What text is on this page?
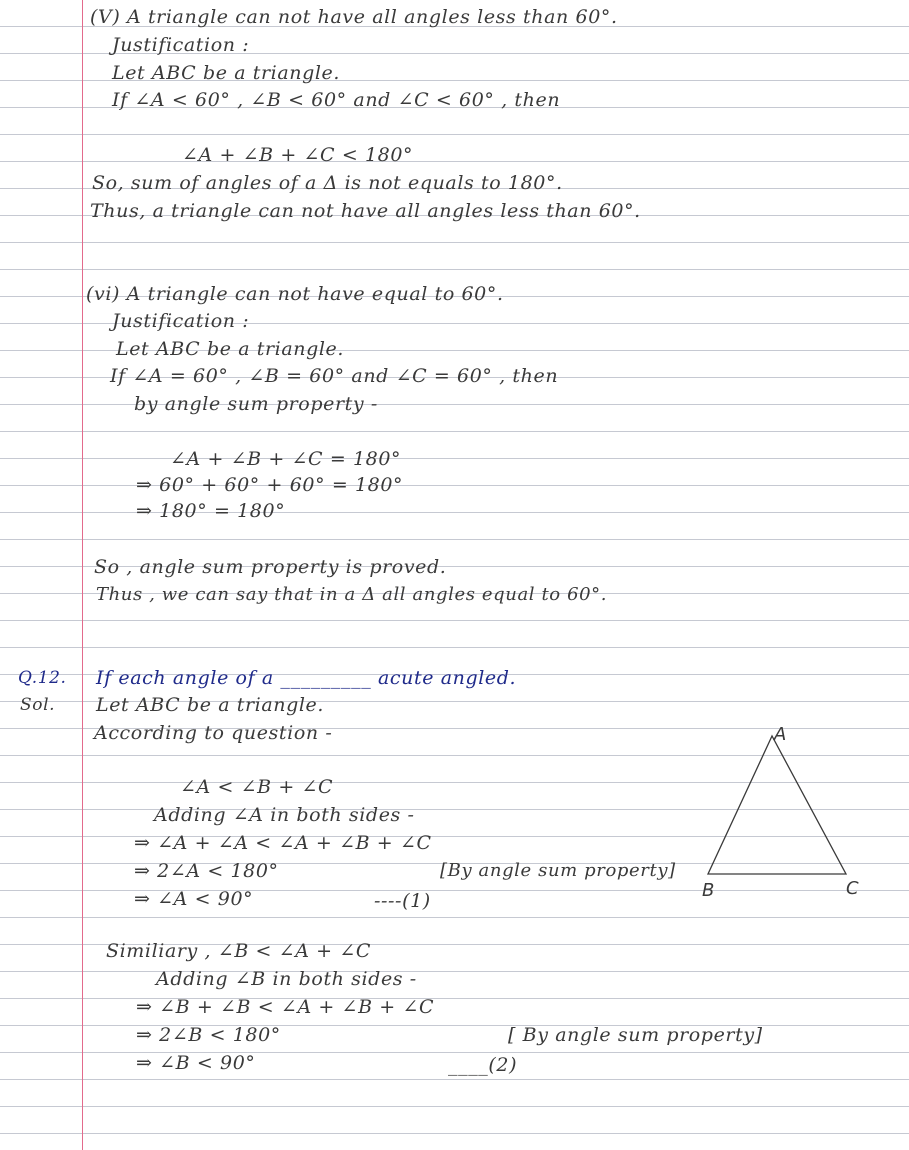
(V) A triangle can not have all angles less than 60°.
Justification :
Let ABC be a triangle.
If ∠A < 60° , ∠B < 60° and ∠C < 60° , then
∠A + ∠B + ∠C < 180°
So, sum of angles of a Δ is not equals to 180°.
Thus, a triangle can not have all angles less than 60°.
(vi) A triangle can not have equal to 60°.
Justification :
Let ABC be a triangle.
If ∠A = 60° , ∠B = 60° and ∠C = 60° , then
by angle sum property -
∠A + ∠B + ∠C = 180°
⇒ 60° + 60° + 60° = 180°
⇒ 180° = 180°
So , angle sum property is proved.
Thus , we can say that in a Δ all angles equal to 60°.
Q.12. If each angle of a _________ acute angled.
Sol. Let ABC be a triangle.
According to question -
∠A < ∠B + ∠C
Adding ∠A in both sides -
⇒ ∠A + ∠A < ∠A + ∠B + ∠C
⇒ 2∠A < 180°	[By angle sum property]
⇒ ∠A < 90°	----(1)
Similiary , ∠B < ∠A + ∠C
Adding ∠B in both sides -
⇒ ∠B + ∠B < ∠A + ∠B + ∠C
⇒ 2∠B < 180°	[ By angle sum property]
⇒ ∠B < 90°	____(2)
A
B	C
